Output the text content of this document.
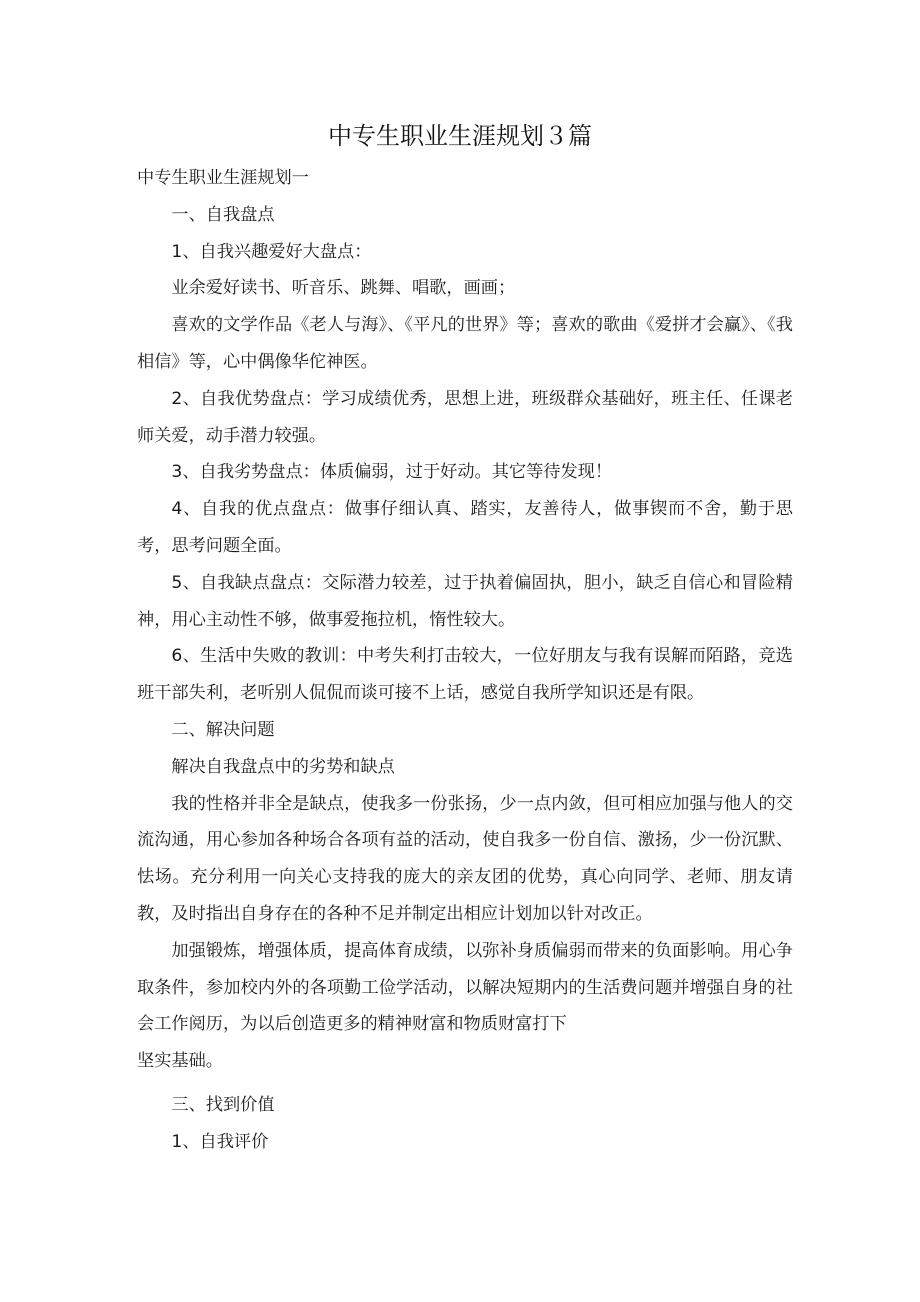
中专生职业生涯规划３篇

中专生职业生涯规划一

一、自我盘点

1、自我兴趣爱好大盘点：

业余爱好读书、听音乐、跳舞、唱歌，画画；

喜欢的文学作品《老人与海》、《平凡的世界》等；喜欢的歌曲《爱拼才会赢》、《我相信》等，心中偶像华佗神医。

2、自我优势盘点：学习成绩优秀，思想上进，班级群众基础好，班主任、任课老师关爱，动手潜力较强。

3、自我劣势盘点：体质偏弱，过于好动。其它等待发现！

4、自我的优点盘点：做事仔细认真、踏实，友善待人，做事锲而不舍，勤于思考，思考问题全面。

5、自我缺点盘点：交际潜力较差，过于执着偏固执，胆小，缺乏自信心和冒险精神，用心主动性不够，做事爱拖拉机，惰性较大。

6、生活中失败的教训：中考失利打击较大，一位好朋友与我有误解而陌路，竞选班干部失利，老听别人侃侃而谈可接不上话，感觉自我所学知识还是有限。

二、解决问题

解决自我盘点中的劣势和缺点

我的性格并非全是缺点，使我多一份张扬，少一点内敛，但可相应加强与他人的交流沟通，用心参加各种场合各项有益的活动，使自我多一份自信、激扬，少一份沉默、怯场。充分利用一向关心支持我的庞大的亲友团的优势，真心向同学、老师、朋友请教，及时指出自身存在的各种不足并制定出相应计划加以针对改正。

加强锻炼，增强体质，提高体育成绩，以弥补身质偏弱而带来的负面影响。用心争取条件，参加校内外的各项勤工俭学活动，以解决短期内的生活费问题并增强自身的社会工作阅历，为以后创造更多的精神财富和物质财富打下

坚实基础。

三、找到价值

1、自我评价
